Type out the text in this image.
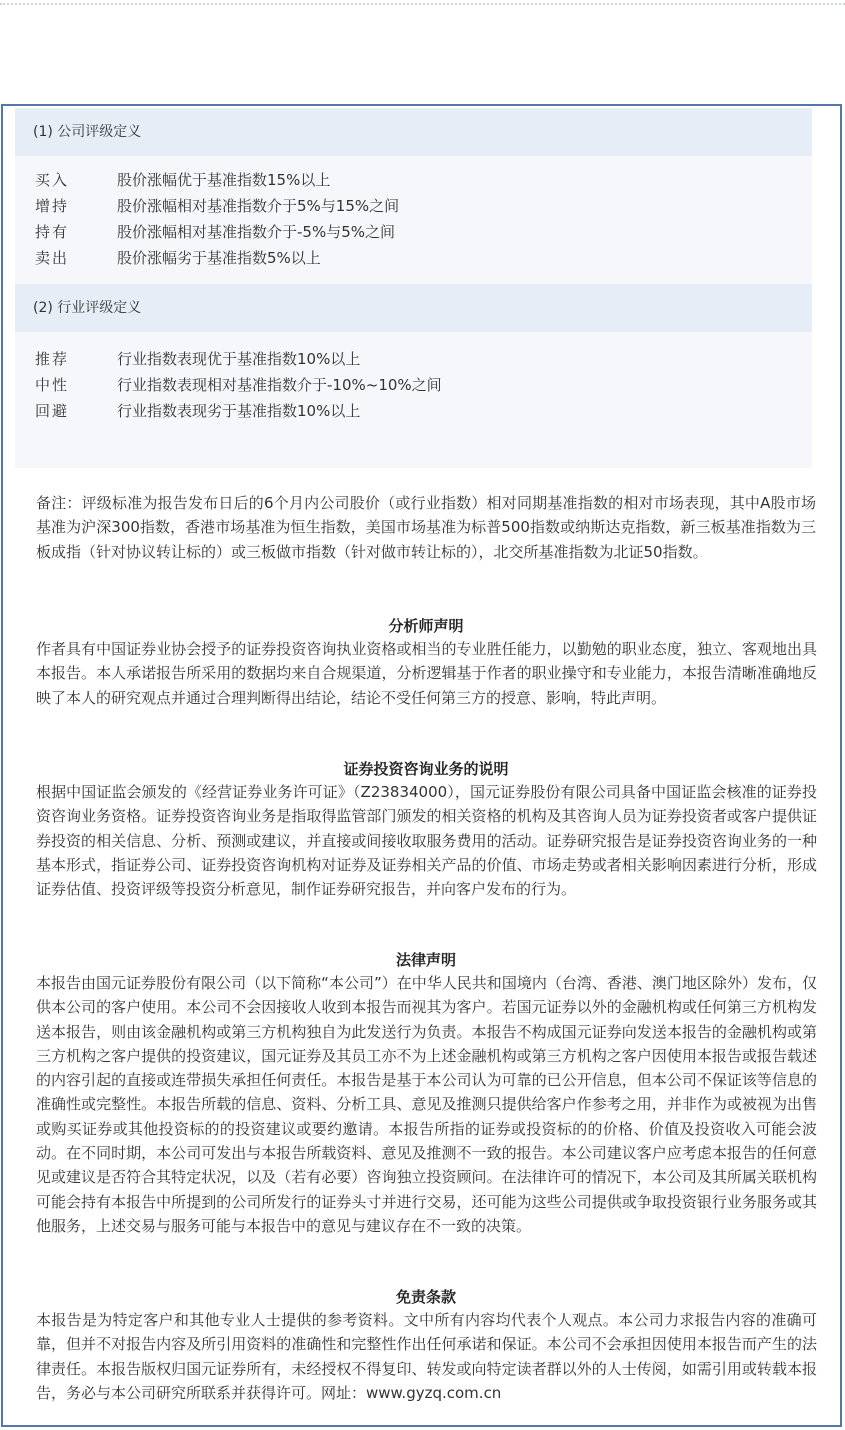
(1) 公司评级定义
买入	股价涨幅优于基准指数15%以上
增持	股价涨幅相对基准指数介于5%与15%之间
持有	股价涨幅相对基准指数介于-5%与5%之间
卖出	股价涨幅劣于基准指数5%以上
(2) 行业评级定义
推荐	行业指数表现优于基准指数10%以上
中性	行业指数表现相对基准指数介于-10%~10%之间
回避	行业指数表现劣于基准指数10%以上

备注：评级标准为报告发布日后的6个月内公司股价（或行业指数）相对同期基准指数的相对市场表现，其中A股市场基准为沪深300指数，香港市场基准为恒生指数，美国市场基准为标普500指数或纳斯达克指数，新三板基准指数为三板成指（针对协议转让标的）或三板做市指数（针对做市转让标的），北交所基准指数为北证50指数。

分析师声明

作者具有中国证券业协会授予的证券投资咨询执业资格或相当的专业胜任能力，以勤勉的职业态度，独立、客观地出具本报告。本人承诺报告所采用的数据均来自合规渠道，分析逻辑基于作者的职业操守和专业能力，本报告清晰准确地反映了本人的研究观点并通过合理判断得出结论，结论不受任何第三方的授意、影响，特此声明。

证券投资咨询业务的说明

根据中国证监会颁发的《经营证券业务许可证》（Z23834000），国元证券股份有限公司具备中国证监会核准的证券投资咨询业务资格。证券投资咨询业务是指取得监管部门颁发的相关资格的机构及其咨询人员为证券投资者或客户提供证券投资的相关信息、分析、预测或建议，并直接或间接收取服务费用的活动。证券研究报告是证券投资咨询业务的一种基本形式，指证券公司、证券投资咨询机构对证券及证券相关产品的价值、市场走势或者相关影响因素进行分析，形成证券估值、投资评级等投资分析意见，制作证券研究报告，并向客户发布的行为。

法律声明

本报告由国元证券股份有限公司（以下简称“本公司”）在中华人民共和国境内（台湾、香港、澳门地区除外）发布，仅供本公司的客户使用。本公司不会因接收人收到本报告而视其为客户。若国元证券以外的金融机构或任何第三方机构发送本报告，则由该金融机构或第三方机构独自为此发送行为负责。本报告不构成国元证券向发送本报告的金融机构或第三方机构之客户提供的投资建议，国元证券及其员工亦不为上述金融机构或第三方机构之客户因使用本报告或报告载述的内容引起的直接或连带损失承担任何责任。本报告是基于本公司认为可靠的已公开信息，但本公司不保证该等信息的准确性或完整性。本报告所载的信息、资料、分析工具、意见及推测只提供给客户作参考之用，并非作为或被视为出售或购买证券或其他投资标的的投资建议或要约邀请。本报告所指的证券或投资标的的价格、价值及投资收入可能会波动。在不同时期，本公司可发出与本报告所载资料、意见及推测不一致的报告。本公司建议客户应考虑本报告的任何意见或建议是否符合其特定状况，以及（若有必要）咨询独立投资顾问。在法律许可的情况下，本公司及其所属关联机构可能会持有本报告中所提到的公司所发行的证券头寸并进行交易，还可能为这些公司提供或争取投资银行业务服务或其他服务，上述交易与服务可能与本报告中的意见与建议存在不一致的决策。

免责条款

本报告是为特定客户和其他专业人士提供的参考资料。文中所有内容均代表个人观点。本公司力求报告内容的准确可靠，但并不对报告内容及所引用资料的准确性和完整性作出任何承诺和保证。本公司不会承担因使用本报告而产生的法律责任。本报告版权归国元证券所有，未经授权不得复印、转发或向特定读者群以外的人士传阅，如需引用或转载本报告，务必与本公司研究所联系并获得许可。网址：www.gyzq.com.cn
